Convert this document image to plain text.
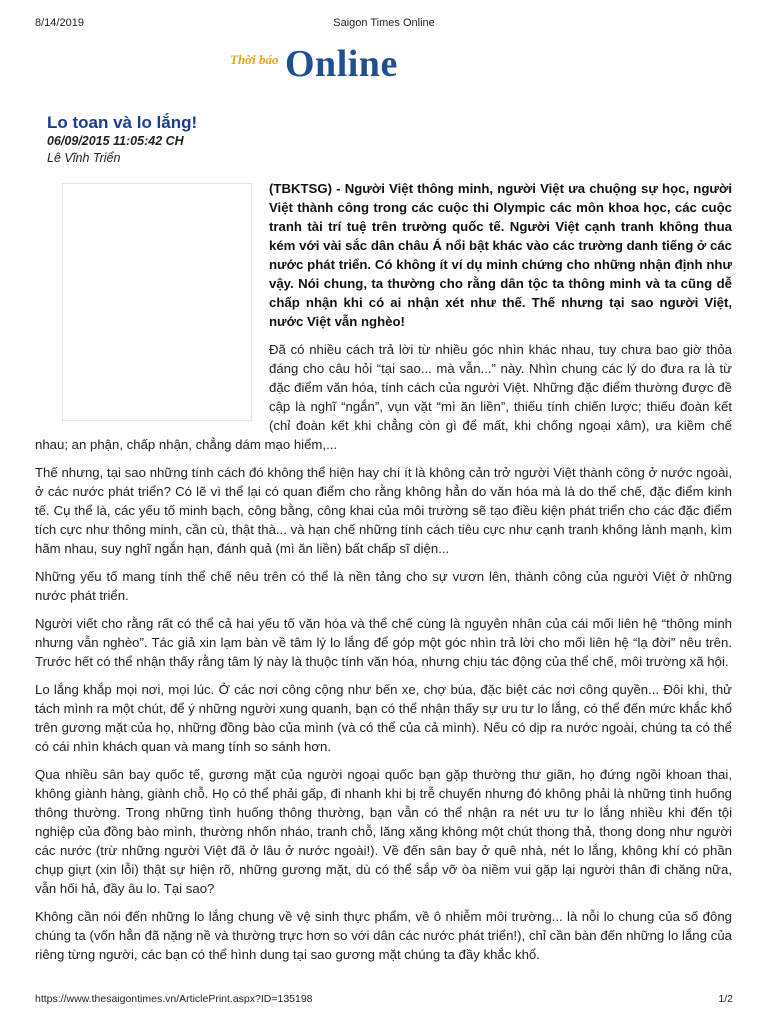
8/14/2019	Saigon Times Online
Thời báo Online
Lo toan và lo lắng!
06/09/2015 11:05:42 CH
Lê Vĩnh Triển

(TBKTSG) - Người Việt thông minh, người Việt ưa chuộng sự học, người Việt thành công trong các cuộc thi Olympic các môn khoa học, các cuộc tranh tài trí tuệ trên trường quốc tế. Người Việt cạnh tranh không thua kém với vài sắc dân châu Á nổi bật khác vào các trường danh tiếng ở các nước phát triển. Có không ít ví dụ minh chứng cho những nhận định như vậy. Nói chung, ta thường cho rằng dân tộc ta thông minh và ta cũng dễ chấp nhận khi có ai nhận xét như thế. Thế nhưng tại sao người Việt, nước Việt vẫn nghèo!

Đã có nhiều cách trả lời từ nhiều góc nhìn khác nhau, tuy chưa bao giờ thỏa đáng cho câu hỏi “tại sao... mà vẫn...” này. Nhìn chung các lý do đưa ra là từ đặc điểm văn hóa, tính cách của người Việt. Những đặc điểm thường được đề cập là nghĩ “ngắn”, vụn vặt “mì ăn liền”, thiếu tính chiến lược; thiếu đoàn kết (chỉ đoàn kết khi chẳng còn gì để mất, khi chống ngoại xâm), ưa kiềm chế nhau; an phận, chấp nhận, chẳng dám mạo hiểm,...

Thế nhưng, tại sao những tính cách đó không thể hiện hay chí ít là không cản trở người Việt thành công ở nước ngoài, ở các nước phát triển? Có lẽ vì thể lại có quan điểm cho rằng không hẳn do văn hóa mà là do thể chế, đặc điểm kinh tế. Cụ thể là, các yếu tố minh bạch, công bằng, công khai của môi trường sẽ tạo điều kiện phát triển cho các đặc điểm tích cực như thông minh, cần cù, thật thà... và hạn chế những tính cách tiêu cực như cạnh tranh không lành mạnh, kìm hãm nhau, suy nghĩ ngắn hạn, đánh quả (mì ăn liền) bất chấp sĩ diện...

Những yếu tố mang tính thể chế nêu trên có thể là nền tảng cho sự vươn lên, thành công của người Việt ở những nước phát triển.

Người viết cho rằng rất có thể cả hai yếu tố văn hóa và thể chế cùng là nguyên nhân của cái mối liên hệ “thông minh nhưng vẫn nghèo”. Tác giả xin lạm bàn về tâm lý lo lắng để góp một góc nhìn trả lời cho mối liên hệ “lạ đời” nêu trên. Trước hết có thể nhận thấy rằng tâm lý này là thuộc tính văn hóa, nhưng chịu tác động của thể chế, môi trường xã hội.

Lo lắng khắp mọi nơi, mọi lúc. Ở các nơi công cộng như bến xe, chợ búa, đặc biệt các nơi công quyền... Đôi khi, thử tách mình ra một chút, để ý những người xung quanh, bạn có thể nhận thấy sự ưu tư lo lắng, có thể đến mức khắc khổ trên gương mặt của họ, những đồng bào của mình (và có thể của cả mình). Nếu có dịp ra nước ngoài, chúng ta có thể có cái nhìn khách quan và mang tính so sánh hơn.

Qua nhiều sân bay quốc tế, gương mặt của người ngoại quốc bạn gặp thường thư giãn, họ đứng ngồi khoan thai, không giành hàng, giành chỗ. Họ có thể phải gấp, đi nhanh khi bị trễ chuyến nhưng đó không phải là những tình huống thông thường. Trong những tình huống thông thường, bạn vẫn có thể nhận ra nét ưu tư lo lắng nhiều khi đến tội nghiệp của đồng bào mình, thường nhốn nháo, tranh chỗ, lăng xăng không một chút thong thả, thong dong như người các nước (trừ những người Việt đã ở lâu ở nước ngoài!). Về đến sân bay ở quê nhà, nét lo lắng, không khí có phần chụp giựt (xin lỗi) thật sự hiện rõ, những gương mặt, dù có thể sắp vỡ òa niềm vui gặp lại người thân đi chăng nữa, vẫn hối hả, đầy âu lo. Tại sao?

Không cần nói đến những lo lắng chung về vệ sinh thực phẩm, về ô nhiễm môi trường... là nỗi lo chung của số đông chúng ta (vốn hẳn đã nặng nề và thường trực hơn so với dân các nước phát triển!), chỉ cần bàn đến những lo lắng của riêng từng người, các bạn có thể hình dung tại sao gương mặt chúng ta đầy khắc khổ.

https://www.thesaigontimes.vn/ArticlePrint.aspx?ID=135198	1/2
